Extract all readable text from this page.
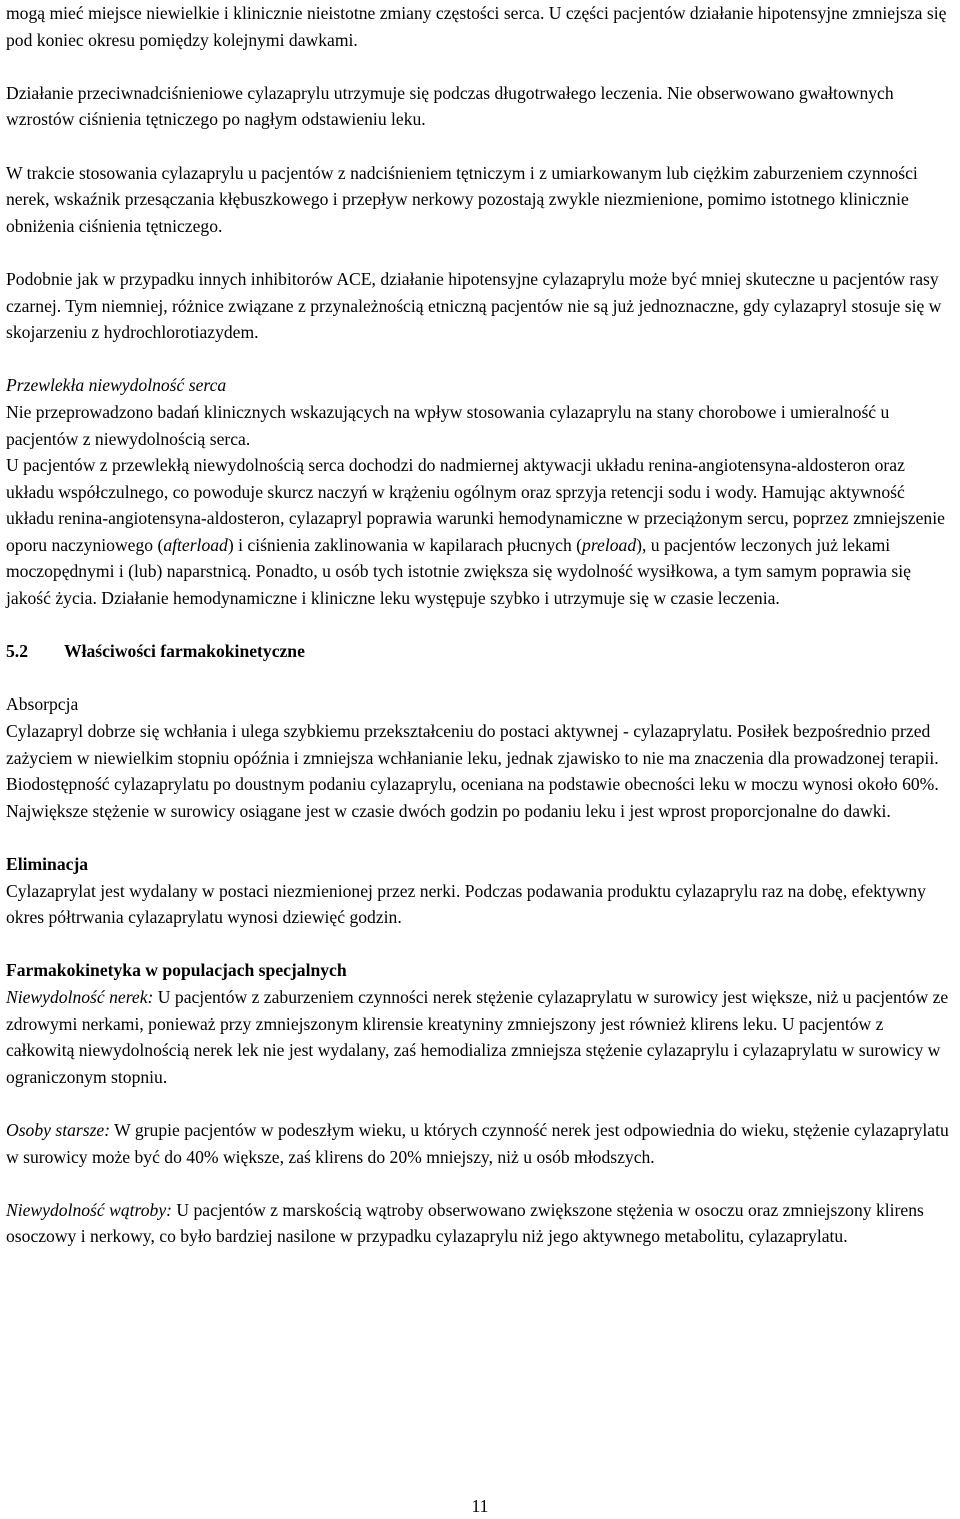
mogą mieć miejsce niewielkie i klinicznie nieistotne zmiany częstości serca. U części pacjentów działanie hipotensyjne zmniejsza się pod koniec okresu pomiędzy kolejnymi dawkami.

Działanie przeciwnadciśnieniowe cylazaprylu utrzymuje się podczas długotrwałego leczenia. Nie obserwowano gwałtownych wzrostów ciśnienia tętniczego po nagłym odstawieniu leku.

W trakcie stosowania cylazaprylu u pacjentów z nadciśnieniem tętniczym i z umiarkowanym lub ciężkim zaburzeniem czynności nerek, wskaźnik przesączania kłębuszkowego i przepływ nerkowy pozostają zwykle niezmienione, pomimo istotnego klinicznie obniżenia ciśnienia tętniczego.

Podobnie jak w przypadku innych inhibitorów ACE, działanie hipotensyjne cylazaprylu może być mniej skuteczne u pacjentów rasy czarnej. Tym niemniej, różnice związane z przynależnością etniczną pacjentów nie są już jednoznaczne, gdy cylazapryl stosuje się w skojarzeniu z hydrochlorotiazydem.

Przewlekła niewydolność serca

Nie przeprowadzono badań klinicznych wskazujących na wpływ stosowania cylazaprylu na stany chorobowe i umieralność u pacjentów z niewydolnością serca.

U pacjentów z przewlekłą niewydolnością serca dochodzi do nadmiernej aktywacji układu renina-angiotensyna-aldosteron oraz układu współczulnego, co powoduje skurcz naczyń w krążeniu ogólnym oraz sprzyja retencji sodu i wody. Hamując aktywność układu renina-angiotensyna-aldosteron, cylazapryl poprawia warunki hemodynamiczne w przeciążonym sercu, poprzez zmniejszenie oporu naczyniowego (afterload) i ciśnienia zaklinowania w kapilarach płucnych (preload), u pacjentów leczonych już lekami moczopędnymi i (lub) naparstnicą. Ponadto, u osób tych istotnie zwiększa się wydolność wysiłkowa, a tym samym poprawia się jakość życia. Działanie hemodynamiczne i kliniczne leku występuje szybko i utrzymuje się w czasie leczenia.

5.2	Właściwości farmakokinetyczne

Absorpcja

Cylazapryl dobrze się wchłania i ulega szybkiemu przekształceniu do postaci aktywnej - cylazaprylatu. Posiłek bezpośrednio przed zażyciem w niewielkim stopniu opóźnia i zmniejsza wchłanianie leku, jednak zjawisko to nie ma znaczenia dla prowadzonej terapii. Biodostępność cylazaprylatu po doustnym podaniu cylazaprylu, oceniana na podstawie obecności leku w moczu wynosi około 60%. Największe stężenie w surowicy osiągane jest w czasie dwóch godzin po podaniu leku i jest wprost proporcjonalne do dawki.

Eliminacja

Cylazaprylat jest wydalany w postaci niezmienionej przez nerki. Podczas podawania produktu cylazaprylu raz na dobę, efektywny okres półtrwania cylazaprylatu wynosi dziewięć godzin.

Farmakokinetyka w populacjach specjalnych

Niewydolność nerek: U pacjentów z zaburzeniem czynności nerek stężenie cylazaprylatu w surowicy jest większe, niż u pacjentów ze zdrowymi nerkami, ponieważ przy zmniejszonym klirensie kreatyniny zmniejszony jest również klirens leku. U pacjentów z całkowitą niewydolnością nerek lek nie jest wydalany, zaś hemodializa zmniejsza stężenie cylazaprylu i cylazaprylatu w surowicy w ograniczonym stopniu.

Osoby starsze: W grupie pacjentów w podeszłym wieku, u których czynność nerek jest odpowiednia do wieku, stężenie cylazaprylatu w surowicy może być do 40% większe, zaś klirens do 20% mniejszy, niż u osób młodszych.

Niewydolność wątroby: U pacjentów z marskością wątroby obserwowano zwiększone stężenia w osoczu oraz zmniejszony klirens osoczowy i nerkowy, co było bardziej nasilone w przypadku cylazaprylu niż jego aktywnego metabolitu, cylazaprylatu.

11
